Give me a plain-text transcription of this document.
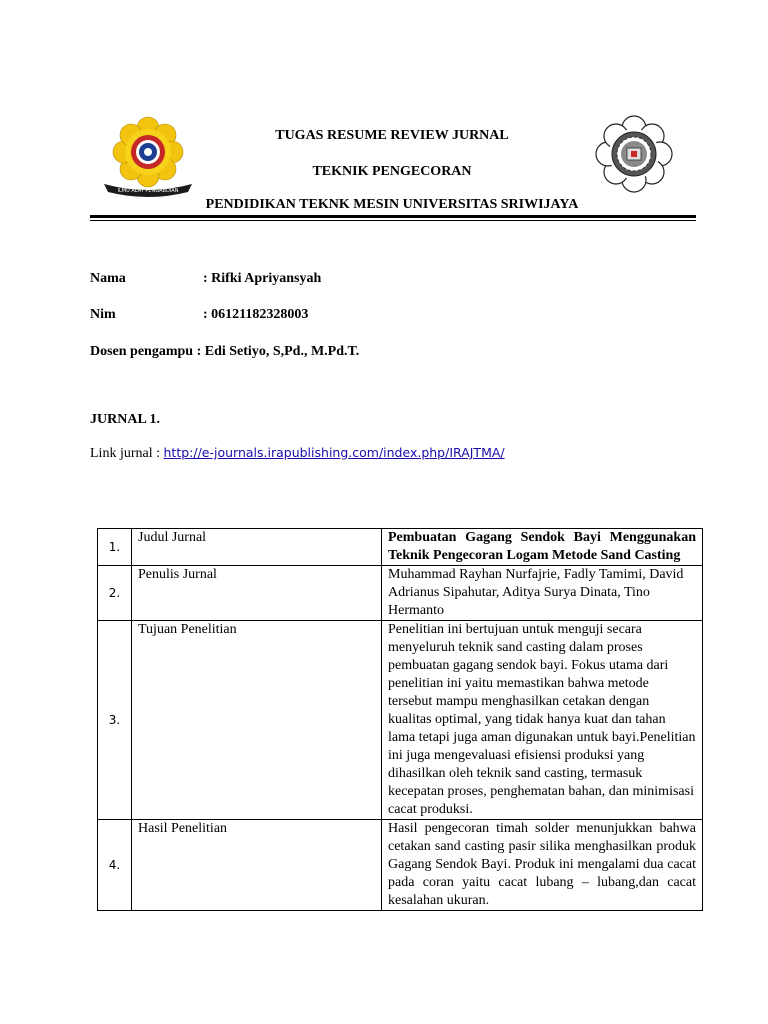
ILMU ALAT PENGABDIAN
TUGAS RESUME REVIEW JURNAL
TEKNIK PENGECORAN
PENDIDIKAN TEKNK MESIN UNIVERSITAS SRIWIJAYA
Nama	: Rifki Apriyansyah
Nim	: 06121182328003
Dosen pengampu : Edi Setiyo, S,Pd., M.Pd.T.
JURNAL 1.
Link jurnal : http://e-journals.irapublishing.com/index.php/IRAJTMA/
1.	Judul Jurnal	Pembuatan Gagang Sendok Bayi Menggunakan Teknik Pengecoran Logam Metode Sand Casting
2.	Penulis Jurnal	Muhammad Rayhan Nurfajrie, Fadly Tamimi, David Adrianus Sipahutar, Aditya Surya Dinata, Tino Hermanto
3.	Tujuan Penelitian	Penelitian ini bertujuan untuk menguji secara menyeluruh teknik sand casting dalam proses pembuatan gagang sendok bayi. Fokus utama dari penelitian ini yaitu memastikan bahwa metode tersebut mampu menghasilkan cetakan dengan kualitas optimal, yang tidak hanya kuat dan tahan lama tetapi juga aman digunakan untuk bayi.Penelitian ini juga mengevaluasi efisiensi produksi yang dihasilkan oleh teknik sand casting, termasuk kecepatan proses, penghematan bahan, dan minimisasi cacat produksi.
4.	Hasil Penelitian	Hasil pengecoran timah solder menunjukkan bahwa cetakan sand casting pasir silika menghasilkan produk Gagang Sendok Bayi. Produk ini mengalami dua cacat pada coran yaitu cacat lubang – lubang,dan cacat kesalahan ukuran.
